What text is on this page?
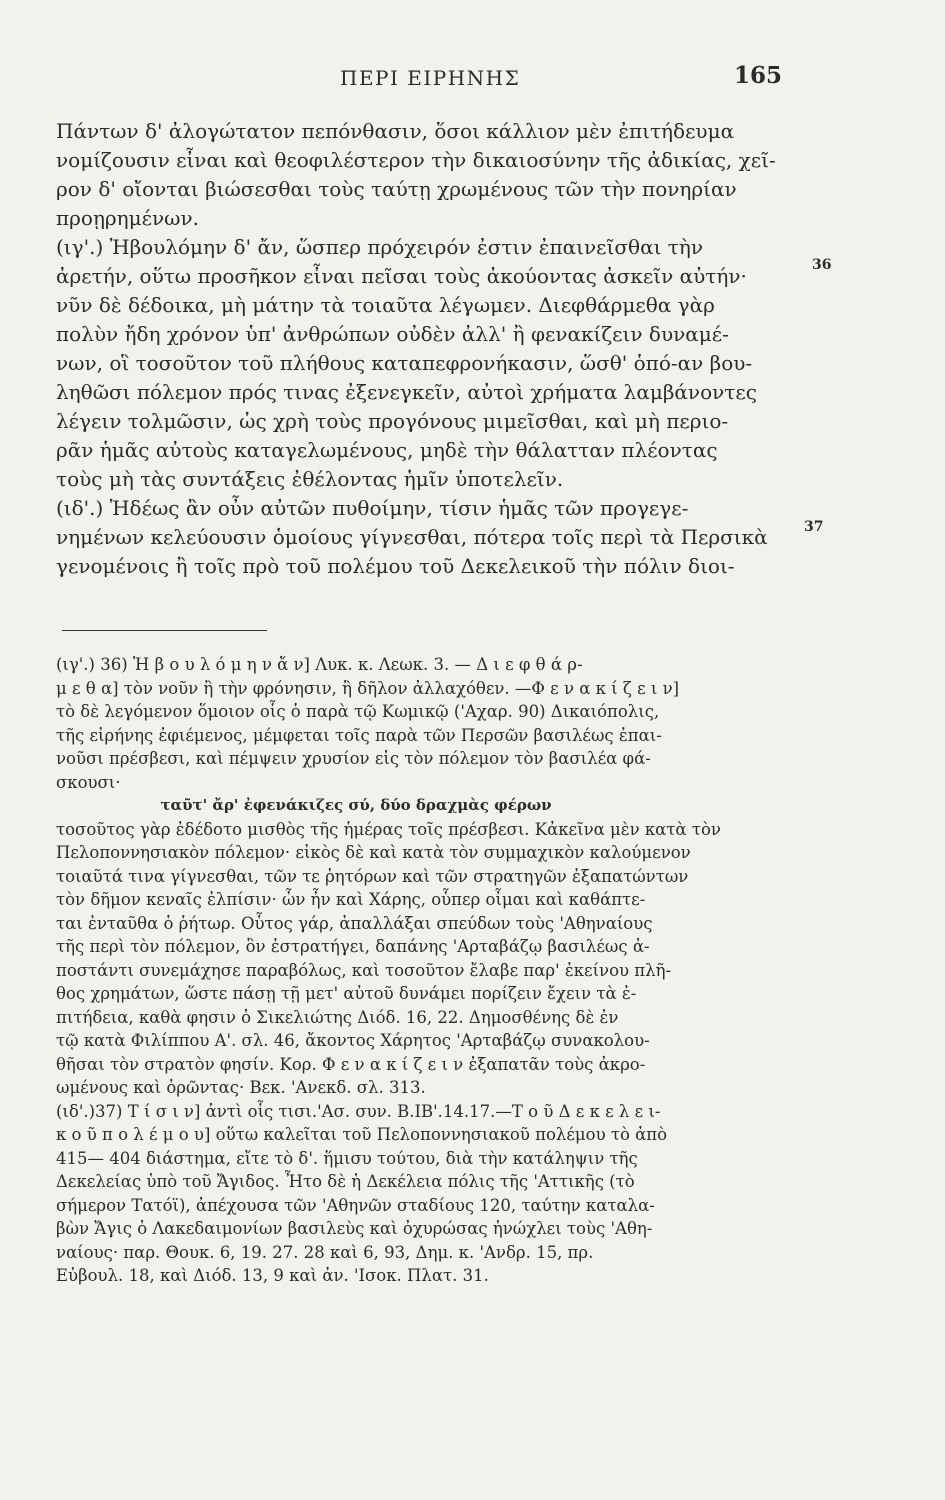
ΠΕΡΙ ΕΙΡΗΝΗΣ	165
Πάντων δ' ἀλογώτατον πεπόνθασιν, ὅσοι κάλλιον μὲν ἐπιτήδευμα
νομίζουσιν εἶναι καὶ θεοφιλέστερον τὴν δικαιοσύνην τῆς ἀδικίας, χεῖ-
ρον δ' οἴονται βιώσεσθαι τοὺς ταύτῃ χρωμένους τῶν τὴν πονηρίαν
προῃρημένων.
(ιγ'.) Ἠβουλόμην δ' ἄν, ὥσπερ πρόχειρόν ἐστιν ἐπαινεῖσθαι τὴν
ἀρετήν, οὕτω προσῆκον εἶναι πεῖσαι τοὺς ἀκούοντας ἀσκεῖν αὐτήν·
νῦν δὲ δέδοικα, μὴ μάτην τὰ τοιαῦτα λέγωμεν. Διεφθάρμεθα γὰρ
πολὺν ἤδη χρόνον ὑπ' ἀνθρώπων οὐδὲν ἀλλ' ἢ φενακίζειν δυναμέ-
νων, οἳ τοσοῦτον τοῦ πλήθους καταπεφρονήκασιν, ὥσθ' ὁπό-αν βου-
ληθῶσι πόλεμον πρός τινας ἐξενεγκεῖν, αὐτοὶ χρήματα λαμβάνοντες
λέγειν τολμῶσιν, ὡς χρὴ τοὺς προγόνους μιμεῖσθαι, καὶ μὴ περιο-
ρᾶν ἡμᾶς αὐτοὺς καταγελωμένους, μηδὲ τὴν θάλατταν πλέοντας
τοὺς μὴ τὰς συντάξεις ἐθέλοντας ἡμῖν ὑποτελεῖν.
(ιδ'.) Ἡδέως ἂν οὖν αὐτῶν πυθοίμην, τίσιν ἡμᾶς τῶν προγεγε-
νημένων κελεύουσιν ὁμοίους γίγνεσθαι, πότερα τοῖς περὶ τὰ Περσικὰ
γενομένοις ἢ τοῖς πρὸ τοῦ πολέμου τοῦ Δεκελεικοῦ τὴν πόλιν διοι-
36
37
(ιγ'.) 36) Ἠ β ο υ λ ό μ η ν ἄ ν] Λυκ. κ. Λεωκ. 3. — Δ ι ε φ θ ά ρ-
μ ε θ α] τὸν νοῦν ἢ τὴν φρόνησιν, ἢ δῆλον ἀλλαχόθεν. —Φ ε ν α κ ί ζ ε ι ν]
τὸ δὲ λεγόμενον ὅμοιον οἷς ὁ παρὰ τῷ Κωμικῷ ('Αχαρ. 90) Δικαιόπολις,
τῆς εἰρήνης ἐφιέμενος, μέμφεται τοῖς παρὰ τῶν Περσῶν βασιλέως ἐπαι-
νοῦσι πρέσβεσι, καὶ πέμψειν χρυσίον εἰς τὸν πόλεμον τὸν βασιλέα φά-
σκουσι·
ταῦτ' ἄρ' ἐφενάκιζες σύ, δύο δραχμὰς φέρων
τοσοῦτος γὰρ ἐδέδοτο μισθὸς τῆς ἡμέρας τοῖς πρέσβεσι. Κἀκεῖνα μὲν κατὰ τὸν
Πελοποννησιακὸν πόλεμον· εἰκὸς δὲ καὶ κατὰ τὸν συμμαχικὸν καλούμενον
τοιαῦτά τινα γίγνεσθαι, τῶν τε ῥητόρων καὶ τῶν στρατηγῶν ἐξαπατώντων
τὸν δῆμον κεναῖς ἐλπίσιν· ὧν ἦν καὶ Χάρης, οὗπερ οἶμαι καὶ καθάπτε-
ται ἐνταῦθα ὁ ῥήτωρ. Οὗτος γάρ, ἀπαλλάξαι σπεύδων τοὺς 'Αθηναίους
τῆς περὶ τὸν πόλεμον, ὃν ἐστρατήγει, δαπάνης 'Αρταβάζῳ βασιλέως ἀ-
ποστάντι συνεμάχησε παραβόλως, καὶ τοσοῦτον ἔλαβε παρ' ἐκείνου πλῆ-
θος χρημάτων, ὥστε πάσῃ τῇ μετ' αὐτοῦ δυνάμει πορίζειν ἔχειν τὰ ἐ-
πιτήδεια, καθὰ φησιν ὁ Σικελιώτης Διόδ. 16, 22. Δημοσθένης δὲ ἐν
τῷ κατὰ Φιλίππου Α'. σλ. 46, ἄκοντος Χάρητος 'Αρταβάζῳ συνακολου-
θῆσαι τὸν στρατὸν φησίν. Κορ. Φ ε ν α κ ί ζ ε ι ν ἐξαπατᾶν τοὺς ἀκρο-
ωμένους καὶ ὁρῶντας· Βεκ. 'Ανεκδ. σλ. 313.
(ιδ'.)37) Τ ί σ ι ν] ἀντὶ οἷς τισι.'Ασ. συν. Β.ΙΒ'.14.17.—Τ ο ῦ Δ ε κ ε λ ε ι-
κ ο ῦ π ο λ έ μ ο υ] οὕτω καλεῖται τοῦ Πελοποννησιακοῦ πολέμου τὸ ἀπὸ
415— 404 διάστημα, εἴτε τὸ δ'. ἥμισυ τούτου, διὰ τὴν κατάληψιν τῆς
Δεκελείας ὑπὸ τοῦ Ἄγιδος. Ἦτο δὲ ἡ Δεκέλεια πόλις τῆς 'Αττικῆς (τὸ
σήμερον Τατόϊ), ἀπέχουσα τῶν 'Αθηνῶν σταδίους 120, ταύτην καταλα-
βὼν Ἄγις ὁ Λακεδαιμονίων βασιλεὺς καὶ ὀχυρώσας ἠνώχλει τοὺς 'Αθη-
ναίους· παρ. Θουκ. 6, 19. 27. 28 καὶ 6, 93, Δημ. κ. 'Ανδρ. 15, πρ.
Εὐβουλ. 18, καὶ Διόδ. 13, 9 καὶ ἀν. 'Ισοκ. Πλατ. 31.
